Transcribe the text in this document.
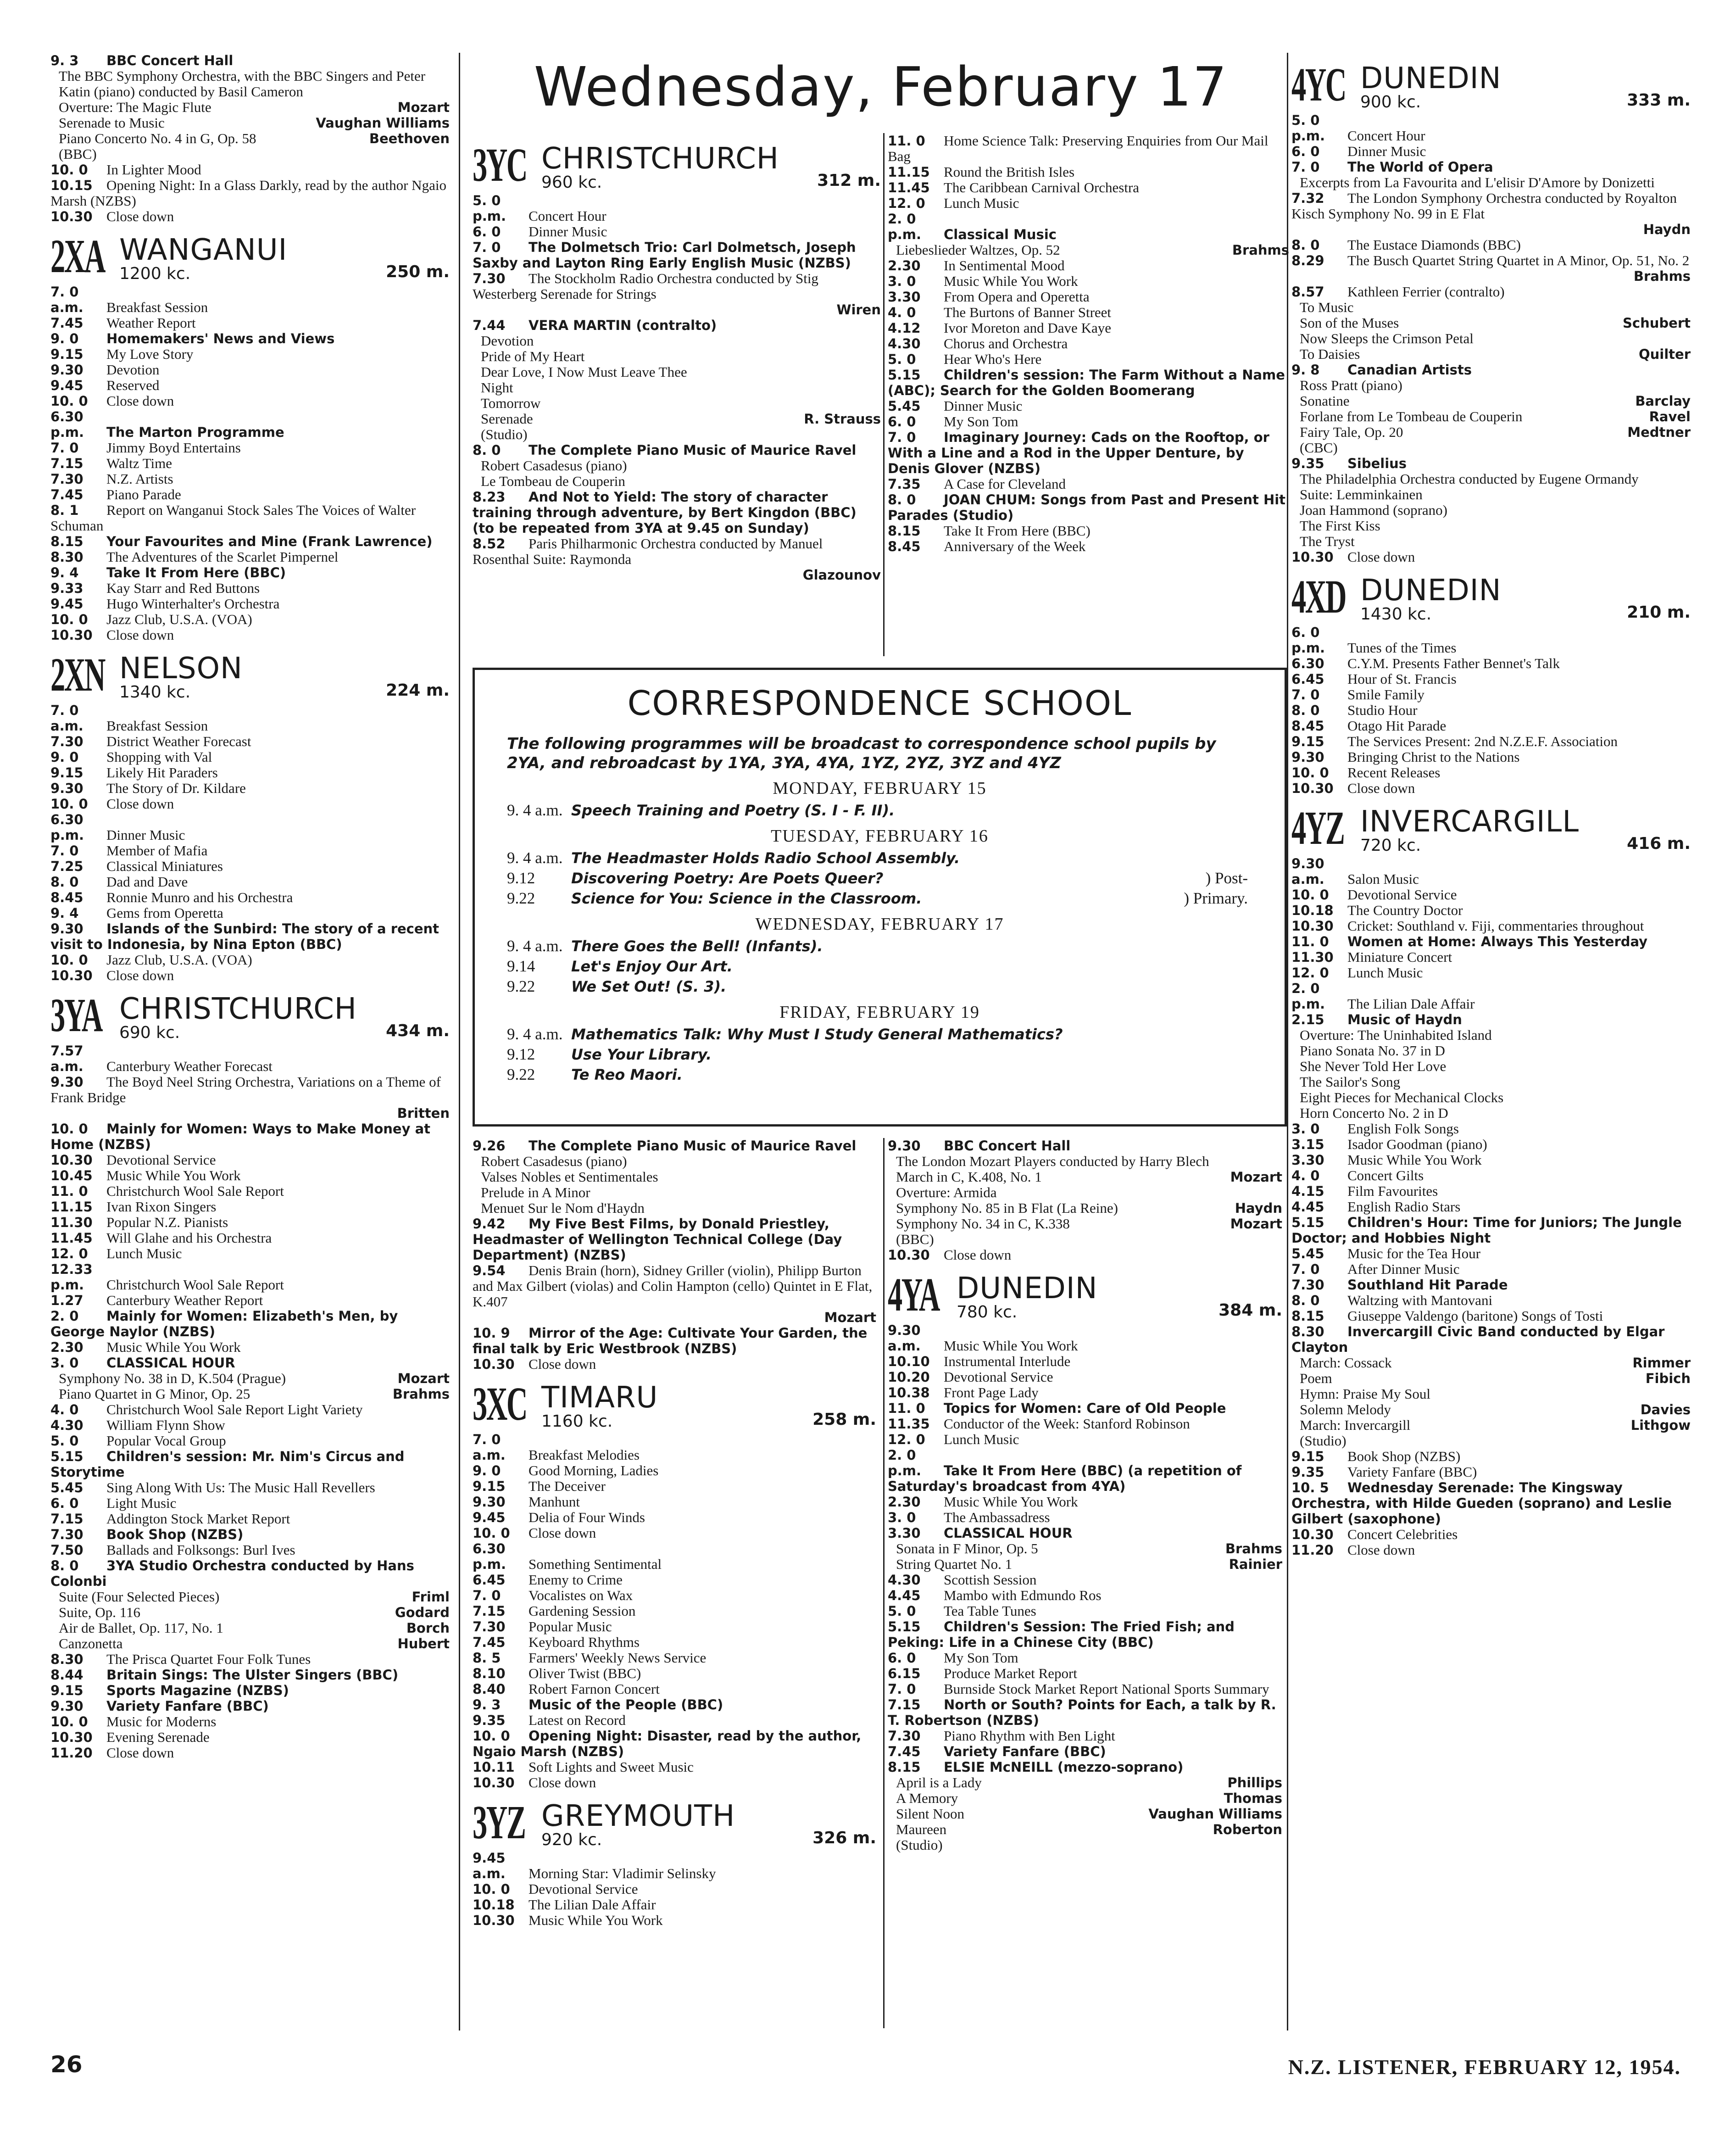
Wednesday, February 17
9. 3 BBC Concert Hall
The BBC Symphony Orchestra, with the BBC Singers and Peter Katin (piano) conducted by Basil Cameron
Overture: The Magic Flute	Mozart
Serenade to Music	Vaughan Williams
Piano Concerto No. 4 in G, Op. 58	Beethoven
(BBC)
10. 0 In Lighter Mood
10.15 Opening Night: In a Glass Darkly, read by the author Ngaio Marsh (NZBS)
10.30 Close down
2XA WANGANUI
1200 kc.	250 m.
7. 0 a.m. Breakfast Session
7.45 Weather Report
9. 0 Homemakers' News and Views
9.15 My Love Story
9.30 Devotion
9.45 Reserved
10. 0 Close down
6.30 p.m. The Marton Programme
7. 0 Jimmy Boyd Entertains
7.15 Waltz Time
7.30 N.Z. Artists
7.45 Piano Parade
8. 1 Report on Wanganui Stock Sales The Voices of Walter Schuman
8.15 Your Favourites and Mine (Frank Lawrence)
8.30 The Adventures of the Scarlet Pimpernel
9. 4 Take It From Here (BBC)
9.33 Kay Starr and Red Buttons
9.45 Hugo Winterhalter's Orchestra
10. 0 Jazz Club, U.S.A. (VOA)
10.30 Close down
2XN NELSON
1340 kc.	224 m.
7. 0 a.m. Breakfast Session
7.30 District Weather Forecast
9. 0 Shopping with Val
9.15 Likely Hit Paraders
9.30 The Story of Dr. Kildare
10. 0 Close down
6.30 p.m. Dinner Music
7. 0 Member of Mafia
7.25 Classical Miniatures
8. 0 Dad and Dave
8.45 Ronnie Munro and his Orchestra
9. 4 Gems from Operetta
9.30 Islands of the Sunbird: The story of a recent visit to Indonesia, by Nina Epton (BBC)
10. 0 Jazz Club, U.S.A. (VOA)
10.30 Close down
3YA CHRISTCHURCH
690 kc.	434 m.
7.57 a.m. Canterbury Weather Forecast
9.30 The Boyd Neel String Orchestra, Variations on a Theme of Frank Bridge
Britten
10. 0 Mainly for Women: Ways to Make Money at Home (NZBS)
10.30 Devotional Service
10.45 Music While You Work
11. 0 Christchurch Wool Sale Report
11.15 Ivan Rixon Singers
11.30 Popular N.Z. Pianists
11.45 Will Glahe and his Orchestra
12. 0 Lunch Music
12.33 p.m. Christchurch Wool Sale Report
1.27 Canterbury Weather Report
2. 0 Mainly for Women: Elizabeth's Men, by George Naylor (NZBS)
2.30 Music While You Work
3. 0 CLASSICAL HOUR
Symphony No. 38 in D, K.504 (Prague)	Mozart
Piano Quartet in G Minor, Op. 25	Brahms
4. 0 Christchurch Wool Sale Report Light Variety
4.30 William Flynn Show
5. 0 Popular Vocal Group
5.15 Children's session: Mr. Nim's Circus and Storytime
5.45 Sing Along With Us: The Music Hall Revellers
6. 0 Light Music
7.15 Addington Stock Market Report
7.30 Book Shop (NZBS)
7.50 Ballads and Folksongs: Burl Ives
8. 0 3YA Studio Orchestra conducted by Hans Colonbi
Suite (Four Selected Pieces)	Friml
Suite, Op. 116	Godard
Air de Ballet, Op. 117, No. 1	Borch
Canzonetta	Hubert
8.30 The Prisca Quartet Four Folk Tunes
8.44 Britain Sings: The Ulster Singers (BBC)
9.15 Sports Magazine (NZBS)
9.30 Variety Fanfare (BBC)
10. 0 Music for Moderns
10.30 Evening Serenade
11.20 Close down
3YC CHRISTCHURCH
960 kc.	312 m.
5. 0 p.m. Concert Hour
6. 0 Dinner Music
7. 0 The Dolmetsch Trio: Carl Dolmetsch, Joseph Saxby and Layton Ring Early English Music (NZBS)
7.30 The Stockholm Radio Orchestra conducted by Stig Westerberg Serenade for Strings
Wiren
7.44 VERA MARTIN (contralto)
Devotion
Pride of My Heart
Dear Love, I Now Must Leave Thee
Night
Tomorrow
Serenade	R. Strauss
(Studio)
8. 0 The Complete Piano Music of Maurice Ravel
Robert Casadesus (piano)
Le Tombeau de Couperin
8.23 And Not to Yield: The story of character training through adventure, by Bert Kingdon (BBC) (to be repeated from 3YA at 9.45 on Sunday)
8.52 Paris Philharmonic Orchestra conducted by Manuel Rosenthal Suite: Raymonda
Glazounov
11. 0 Home Science Talk: Preserving Enquiries from Our Mail Bag
11.15 Round the British Isles
11.45 The Caribbean Carnival Orchestra
12. 0 Lunch Music
2. 0 p.m. Classical Music
Liebeslieder Waltzes, Op. 52	Brahms
2.30 In Sentimental Mood
3. 0 Music While You Work
3.30 From Opera and Operetta
4. 0 The Burtons of Banner Street
4.12 Ivor Moreton and Dave Kaye
4.30 Chorus and Orchestra
5. 0 Hear Who's Here
5.15 Children's session: The Farm Without a Name (ABC); Search for the Golden Boomerang
5.45 Dinner Music
6. 0 My Son Tom
7. 0 Imaginary Journey: Cads on the Rooftop, or With a Line and a Rod in the Upper Denture, by Denis Glover (NZBS)
7.35 A Case for Cleveland
8. 0 JOAN CHUM: Songs from Past and Present Hit Parades (Studio)
8.15 Take It From Here (BBC)
8.45 Anniversary of the Week
4YC DUNEDIN
900 kc.	333 m.
5. 0 p.m. Concert Hour
6. 0 Dinner Music
7. 0 The World of Opera
Excerpts from La Favourita and L'elisir D'Amore by Donizetti
7.32 The London Symphony Orchestra conducted by Royalton Kisch Symphony No. 99 in E Flat
Haydn
8. 0 The Eustace Diamonds (BBC)
8.29 The Busch Quartet String Quartet in A Minor, Op. 51, No. 2
Brahms
8.57 Kathleen Ferrier (contralto)
To Music
Son of the Muses	Schubert
Now Sleeps the Crimson Petal
To Daisies	Quilter
9. 8 Canadian Artists
Ross Pratt (piano)
Sonatine	Barclay
Forlane from Le Tombeau de Couperin	Ravel
Fairy Tale, Op. 20	Medtner
(CBC)
9.35 Sibelius
The Philadelphia Orchestra conducted by Eugene Ormandy
Suite: Lemminkainen
Joan Hammond (soprano)
The First Kiss
The Tryst
10.30 Close down
4XD DUNEDIN
1430 kc.	210 m.
6. 0 p.m. Tunes of the Times
6.30 C.Y.M. Presents Father Bennet's Talk
6.45 Hour of St. Francis
7. 0 Smile Family
8. 0 Studio Hour
8.45 Otago Hit Parade
9.15 The Services Present: 2nd N.Z.E.F. Association
9.30 Bringing Christ to the Nations
10. 0 Recent Releases
10.30 Close down
4YZ INVERCARGILL
720 kc.	416 m.
9.30 a.m. Salon Music
10. 0 Devotional Service
10.18 The Country Doctor
10.30 Cricket: Southland v. Fiji, commentaries throughout
11. 0 Women at Home: Always This Yesterday
11.30 Miniature Concert
12. 0 Lunch Music
2. 0 p.m. The Lilian Dale Affair
2.15 Music of Haydn
Overture: The Uninhabited Island
Piano Sonata No. 37 in D
She Never Told Her Love
The Sailor's Song
Eight Pieces for Mechanical Clocks
Horn Concerto No. 2 in D
3. 0 English Folk Songs
3.15 Isador Goodman (piano)
3.30 Music While You Work
4. 0 Concert Gilts
4.15 Film Favourites
4.45 English Radio Stars
5.15 Children's Hour: Time for Juniors; The Jungle Doctor; and Hobbies Night
5.45 Music for the Tea Hour
7. 0 After Dinner Music
7.30 Southland Hit Parade
8. 0 Waltzing with Mantovani
8.15 Giuseppe Valdengo (baritone) Songs of Tosti
8.30 Invercargill Civic Band conducted by Elgar Clayton
March: Cossack	Rimmer
Poem	Fibich
Hymn: Praise My Soul
Solemn Melody	Davies
March: Invercargill	Lithgow
(Studio)
9.15 Book Shop (NZBS)
9.35 Variety Fanfare (BBC)
10. 5 Wednesday Serenade: The Kingsway Orchestra, with Hilde Gueden (soprano) and Leslie Gilbert (saxophone)
10.30 Concert Celebrities
11.20 Close down
9.26 The Complete Piano Music of Maurice Ravel
Robert Casadesus (piano)
Valses Nobles et Sentimentales
Prelude in A Minor
Menuet Sur le Nom d'Haydn
9.42 My Five Best Films, by Donald Priestley, Headmaster of Wellington Technical College (Day Department) (NZBS)
9.54 Denis Brain (horn), Sidney Griller (violin), Philipp Burton and Max Gilbert (violas) and Colin Hampton (cello) Quintet in E Flat, K.407
Mozart
10. 9 Mirror of the Age: Cultivate Your Garden, the final talk by Eric Westbrook (NZBS)
10.30 Close down
3XC TIMARU
1160 kc.	258 m.
7. 0 a.m. Breakfast Melodies
9. 0 Good Morning, Ladies
9.15 The Deceiver
9.30 Manhunt
9.45 Delia of Four Winds
10. 0 Close down
6.30 p.m. Something Sentimental
6.45 Enemy to Crime
7. 0 Vocalistes on Wax
7.15 Gardening Session
7.30 Popular Music
7.45 Keyboard Rhythms
8. 5 Farmers' Weekly News Service
8.10 Oliver Twist (BBC)
8.40 Robert Farnon Concert
9. 3 Music of the People (BBC)
9.35 Latest on Record
10. 0 Opening Night: Disaster, read by the author, Ngaio Marsh (NZBS)
10.11 Soft Lights and Sweet Music
10.30 Close down
3YZ GREYMOUTH
920 kc.	326 m.
9.45 a.m. Morning Star: Vladimir Selinsky
10. 0 Devotional Service
10.18 The Lilian Dale Affair
10.30 Music While You Work
9.30 BBC Concert Hall
The London Mozart Players conducted by Harry Blech
March in C, K.408, No. 1	Mozart
Overture: Armida
Symphony No. 85 in B Flat (La Reine)	Haydn
Symphony No. 34 in C, K.338	Mozart
(BBC)
10.30 Close down
4YA DUNEDIN
780 kc.	384 m.
9.30 a.m. Music While You Work
10.10 Instrumental Interlude
10.20 Devotional Service
10.38 Front Page Lady
11. 0 Topics for Women: Care of Old People
11.35 Conductor of the Week: Stanford Robinson
12. 0 Lunch Music
2. 0 p.m. Take It From Here (BBC) (a repetition of Saturday's broadcast from 4YA)
2.30 Music While You Work
3. 0 The Ambassadress
3.30 CLASSICAL HOUR
Sonata in F Minor, Op. 5	Brahms
String Quartet No. 1	Rainier
4.30 Scottish Session
4.45 Mambo with Edmundo Ros
5. 0 Tea Table Tunes
5.15 Children's Session: The Fried Fish; and Peking: Life in a Chinese City (BBC)
6. 0 My Son Tom
6.15 Produce Market Report
7. 0 Burnside Stock Market Report National Sports Summary
7.15 North or South? Points for Each, a talk by R. T. Robertson (NZBS)
7.30 Piano Rhythm with Ben Light
7.45 Variety Fanfare (BBC)
8.15 ELSIE McNEILL (mezzo-soprano)
April is a Lady	Phillips
A Memory	Thomas
Silent Noon	Vaughan Williams
Maureen	Roberton
(Studio)
CORRESPONDENCE SCHOOL

The following programmes will be broadcast to correspondence school pupils by 2YA, and rebroadcast by 1YA, 3YA, 4YA, 1YZ, 2YZ, 3YZ and 4YZ

MONDAY, FEBRUARY 15
9. 4 a.m. Speech Training and Poetry (S. I - F. II).
TUESDAY, FEBRUARY 16
9. 4 a.m. The Headmaster Holds Radio School Assembly.
9.12 Discovering Poetry: Are Poets Queer?	) Post-
9.22 Science for You: Science in the Classroom.	) Primary.
WEDNESDAY, FEBRUARY 17
9. 4 a.m. There Goes the Bell! (Infants).
9.14 Let's Enjoy Our Art.
9.22 We Set Out! (S. 3).
FRIDAY, FEBRUARY 19
9. 4 a.m. Mathematics Talk: Why Must I Study General Mathematics?
9.12 Use Your Library.
9.22 Te Reo Maori.
26	N.Z. LISTENER, FEBRUARY 12, 1954.
